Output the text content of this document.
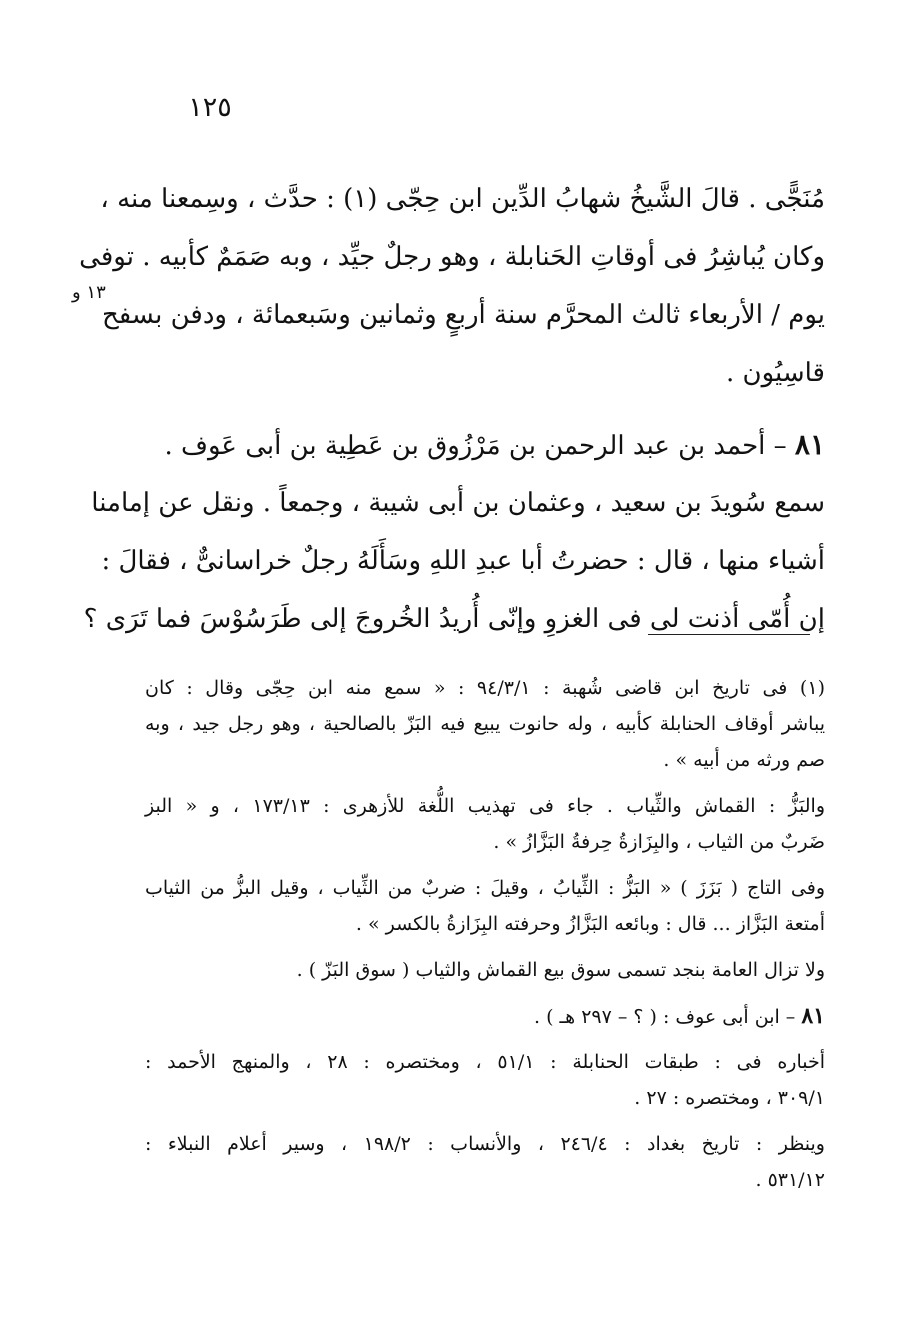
١٢٥
مُنَجًّى . قالَ الشَّيخُ شهابُ الدِّين ابن حِجّى (١) : حدَّث ، وسِمعنا منه ،
وكان يُباشِرُ فى أوقاتِ الحَنابلة ، وهو رجلٌ جيِّد ، وبه صَمَمٌ كأبيه . توفى
يوم / الأربعاء ثالث المحرَّم سنة أربعٍ وثمانين وسَبعمائة ، ودفن بسفح
قاسِيُون .
٨١ – أحمد بن عبد الرحمن بن مَرْزُوق بن عَطِية بن أبى عَوف .
سمع سُويدَ بن سعيد ، وعثمان بن أبى شيبة ، وجمعاً . ونقل عن إمامنا
أشياء منها ، قال : حضرتُ أبا عبدِ اللهِ وسَأَلَهُ رجلٌ خراسانىٌّ ، فقالَ :
إن أُمّى أذنت لى فى الغزوِ وإنّى أُريدُ الخُروجَ إلى طَرَسُوْسَ فما تَرَى ؟
١٣ و
(١) فى تاريخ ابن قاضى شُهبة : ٩٤/٣/١ : « سمع منه ابن حِجّى وقال : كان
يباشر أوقاف الحنابلة كأبيه ، وله حانوت يبيع فيه البَزّ بالصالحية ، وهو رجل جيد ، وبه
صم ورثه من أبيه » .
والبَزُّ : القماش والثِّياب . جاء فى تهذيب اللُّغة للأزهرى : ١٧٣/١٣ ، و « البز
ضَربٌ من الثياب ، والبِزَازةُ حِرفةُ البَزَّازُ » .
وفى التاج ( بَزَزَ ) « البَزُّ : الثِّيابُ ، وقيلَ : ضربٌ من الثِّياب ، وقيل البزُّ من الثياب
أمتعة البَزَّاز ... قال : وبائعه البَزَّازُ وحرفته البِزَازةُ بالكسر » .
ولا تزال العامة بنجد تسمى سوق بيع القماش والثياب ( سوق البَزّ ) .
٨١ – ابن أبى عوف : ( ؟ – ٢٩٧ هـ ) .
أخباره فى : طبقات الحنابلة : ٥١/١ ، ومختصره : ٢٨ ، والمنهج الأحمد :
٣٠٩/١ ، ومختصره : ٢٧ .
وينظر : تاريخ بغداد : ٢٤٦/٤ ، والأنساب : ١٩٨/٢ ، وسير أعلام النبلاء :
٥٣١/١٢ .
